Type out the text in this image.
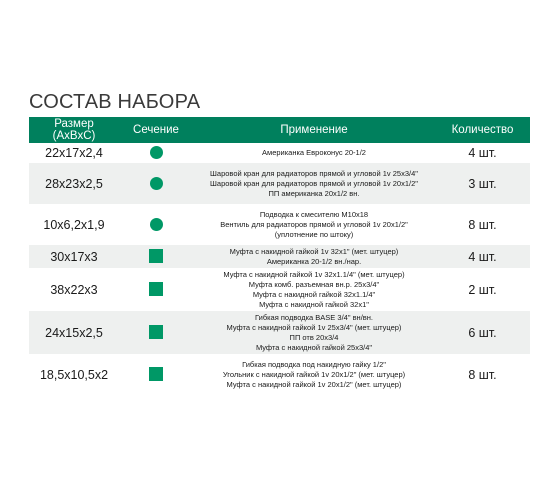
СОСТАВ НАБОРА
Размер
(АхВхС)	Сечение	Применение	Количество
22х17х2,4		Американка Евроконус 20-1/2	4 шт.
28х23х2,5		Шаровой кран для радиаторов прямой и угловой 1v 25х3/4"
Шаровой кран для радиаторов прямой и угловой 1v 20х1/2"
ПП американка 20х1/2 вн.	3 шт.
10х6,2х1,9		Подводка к смесителю М10х18
Вентиль для радиаторов прямой и угловой 1v 20х1/2"
(уплотнение по штоку)	8 шт.
30х17х3		Муфта с накидной гайкой 1v 32х1" (мет. штуцер)
Американка 20-1/2 вн./нар.	4 шт.
38х22х3		Муфта с накидной гайкой 1v 32х1.1/4" (мет. штуцер)
Муфта комб. разъемная вн.р. 25х3/4"
Муфта с накидной гайкой 32х1.1/4"
Муфта с накидной гайкой 32х1"	2 шт.
24х15х2,5		Гибкая подводка BASE 3/4" вн/вн.
Муфта с накидной гайкой 1v 25х3/4" (мет. штуцер)
ПП отв 20х3/4
Муфта с накидной гайкой 25х3/4"	6 шт.
18,5х10,5х2		Гибкая подводка под накидную гайку 1/2"
Угольник с накидной гайкой 1v 20х1/2" (мет. штуцер)
Муфта с накидной гайкой 1v 20х1/2" (мет. штуцер)	8 шт.
